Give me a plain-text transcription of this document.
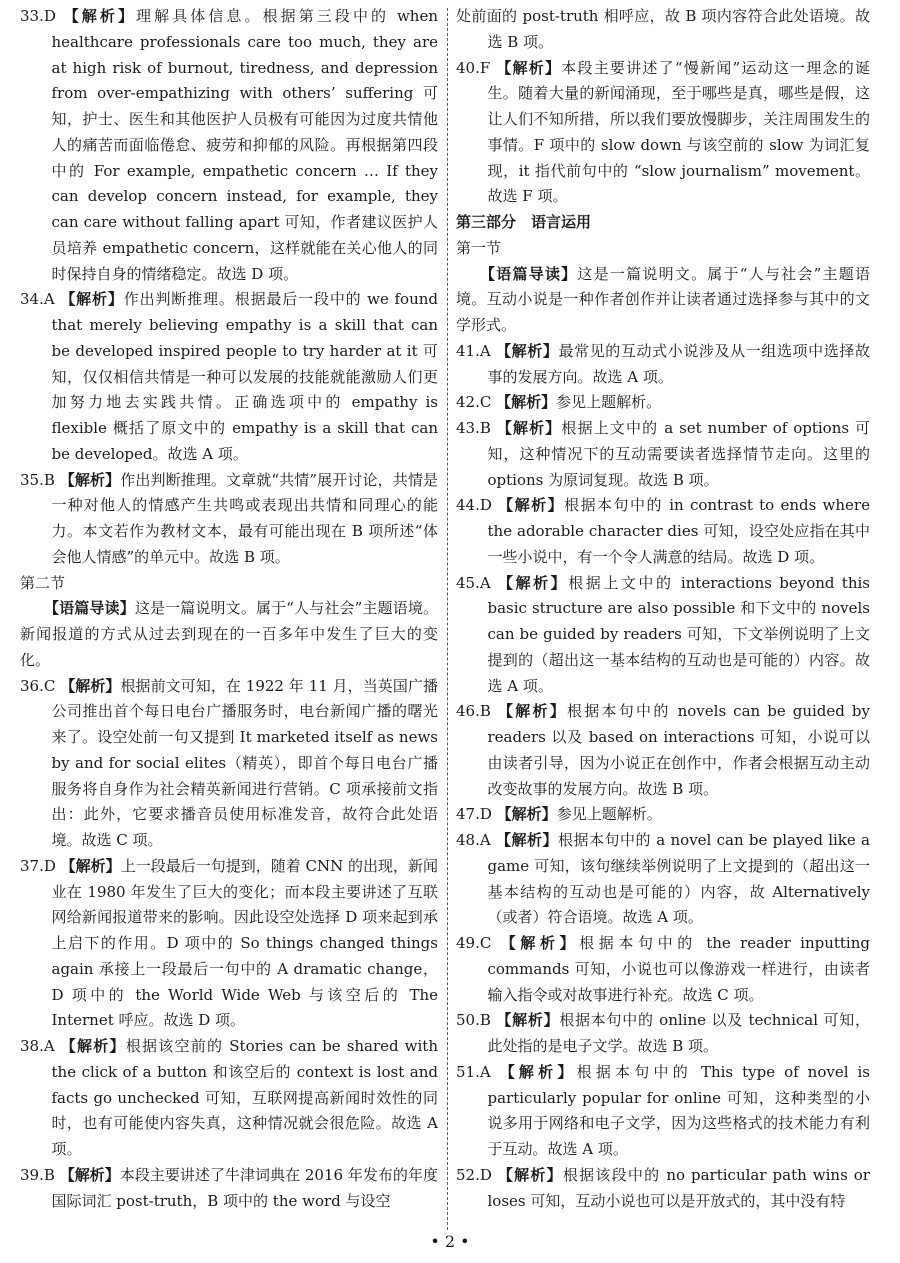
33.D 【解析】理解具体信息。根据第三段中的 when healthcare professionals care too much, they are at high risk of burnout, tiredness, and depression from over-empathizing with others’ suffering 可知，护士、医生和其他医护人员极有可能因为过度共情他人的痛苦而面临倦怠、疲劳和抑郁的风险。再根据第四段中的 For example, empathetic concern … If they can develop concern instead, for example, they can care without falling apart 可知，作者建议医护人员培养 empathetic concern，这样就能在关心他人的同时保持自身的情绪稳定。故选 D 项。

34.A 【解析】作出判断推理。根据最后一段中的 we found that merely believing empathy is a skill that can be developed inspired people to try harder at it 可知，仅仅相信共情是一种可以发展的技能就能激励人们更加努力地去实践共情。正确选项中的 empathy is flexible 概括了原文中的 empathy is a skill that can be developed。故选 A 项。

35.B 【解析】作出判断推理。文章就“共情”展开讨论，共情是一种对他人的情感产生共鸣或表现出共情和同理心的能力。本文若作为教材文本，最有可能出现在 B 项所述“体会他人情感”的单元中。故选 B 项。

第二节

【语篇导读】这是一篇说明文。属于“人与社会”主题语境。新闻报道的方式从过去到现在的一百多年中发生了巨大的变化。

36.C 【解析】根据前文可知，在 1922 年 11 月，当英国广播公司推出首个每日电台广播服务时，电台新闻广播的曙光来了。设空处前一句又提到 It marketed itself as news by and for social elites（精英），即首个每日电台广播服务将自身作为社会精英新闻进行营销。C 项承接前文指出：此外，它要求播音员使用标准发音，故符合此处语境。故选 C 项。

37.D 【解析】上一段最后一句提到，随着 CNN 的出现，新闻业在 1980 年发生了巨大的变化；而本段主要讲述了互联网给新闻报道带来的影响。因此设空处选择 D 项来起到承上启下的作用。D 项中的 So things changed things again 承接上一段最后一句中的 A dramatic change，D 项中的 the World Wide Web 与该空后的 The Internet 呼应。故选 D 项。

38.A 【解析】根据该空前的 Stories can be shared with the click of a button 和该空后的 context is lost and facts go unchecked 可知，互联网提高新闻时效性的同时，也有可能使内容失真，这种情况就会很危险。故选 A 项。

39.B 【解析】本段主要讲述了牛津词典在 2016 年发布的年度国际词汇 post-truth，B 项中的 the word 与设空

处前面的 post-truth 相呼应，故 B 项内容符合此处语境。故选 B 项。

40.F 【解析】本段主要讲述了“慢新闻”运动这一理念的诞生。随着大量的新闻涌现，至于哪些是真，哪些是假，这让人们不知所措，所以我们要放慢脚步，关注周围发生的事情。F 项中的 slow down 与该空前的 slow 为词汇复现，it 指代前句中的 “slow journalism” movement。故选 F 项。

第三部分　语言运用

第一节

【语篇导读】这是一篇说明文。属于“人与社会”主题语境。互动小说是一种作者创作并让读者通过选择参与其中的文学形式。

41.A 【解析】最常见的互动式小说涉及从一组选项中选择故事的发展方向。故选 A 项。

42.C 【解析】参见上题解析。

43.B 【解析】根据上文中的 a set number of options 可知，这种情况下的互动需要读者选择情节走向。这里的 options 为原词复现。故选 B 项。

44.D 【解析】根据本句中的 in contrast to ends where the adorable character dies 可知，设空处应指在其中一些小说中，有一个令人满意的结局。故选 D 项。

45.A 【解析】根据上文中的 interactions beyond this basic structure are also possible 和下文中的 novels can be guided by readers 可知，下文举例说明了上文提到的（超出这一基本结构的互动也是可能的）内容。故选 A 项。

46.B 【解析】根据本句中的 novels can be guided by readers 以及 based on interactions 可知，小说可以由读者引导，因为小说正在创作中，作者会根据互动主动改变故事的发展方向。故选 B 项。

47.D 【解析】参见上题解析。

48.A 【解析】根据本句中的 a novel can be played like a game 可知，该句继续举例说明了上文提到的（超出这一基本结构的互动也是可能的）内容，故 Alternatively（或者）符合语境。故选 A 项。

49.C 【解析】根据本句中的 the reader inputting commands 可知，小说也可以像游戏一样进行，由读者输入指令或对故事进行补充。故选 C 项。

50.B 【解析】根据本句中的 online 以及 technical 可知，此处指的是电子文学。故选 B 项。

51.A 【解析】根据本句中的 This type of novel is particularly popular for online 可知，这种类型的小说多用于网络和电子文学，因为这些格式的技术能力有利于互动。故选 A 项。

52.D 【解析】根据该段中的 no particular path wins or loses 可知，互动小说也可以是开放式的，其中没有特

• 2 •
